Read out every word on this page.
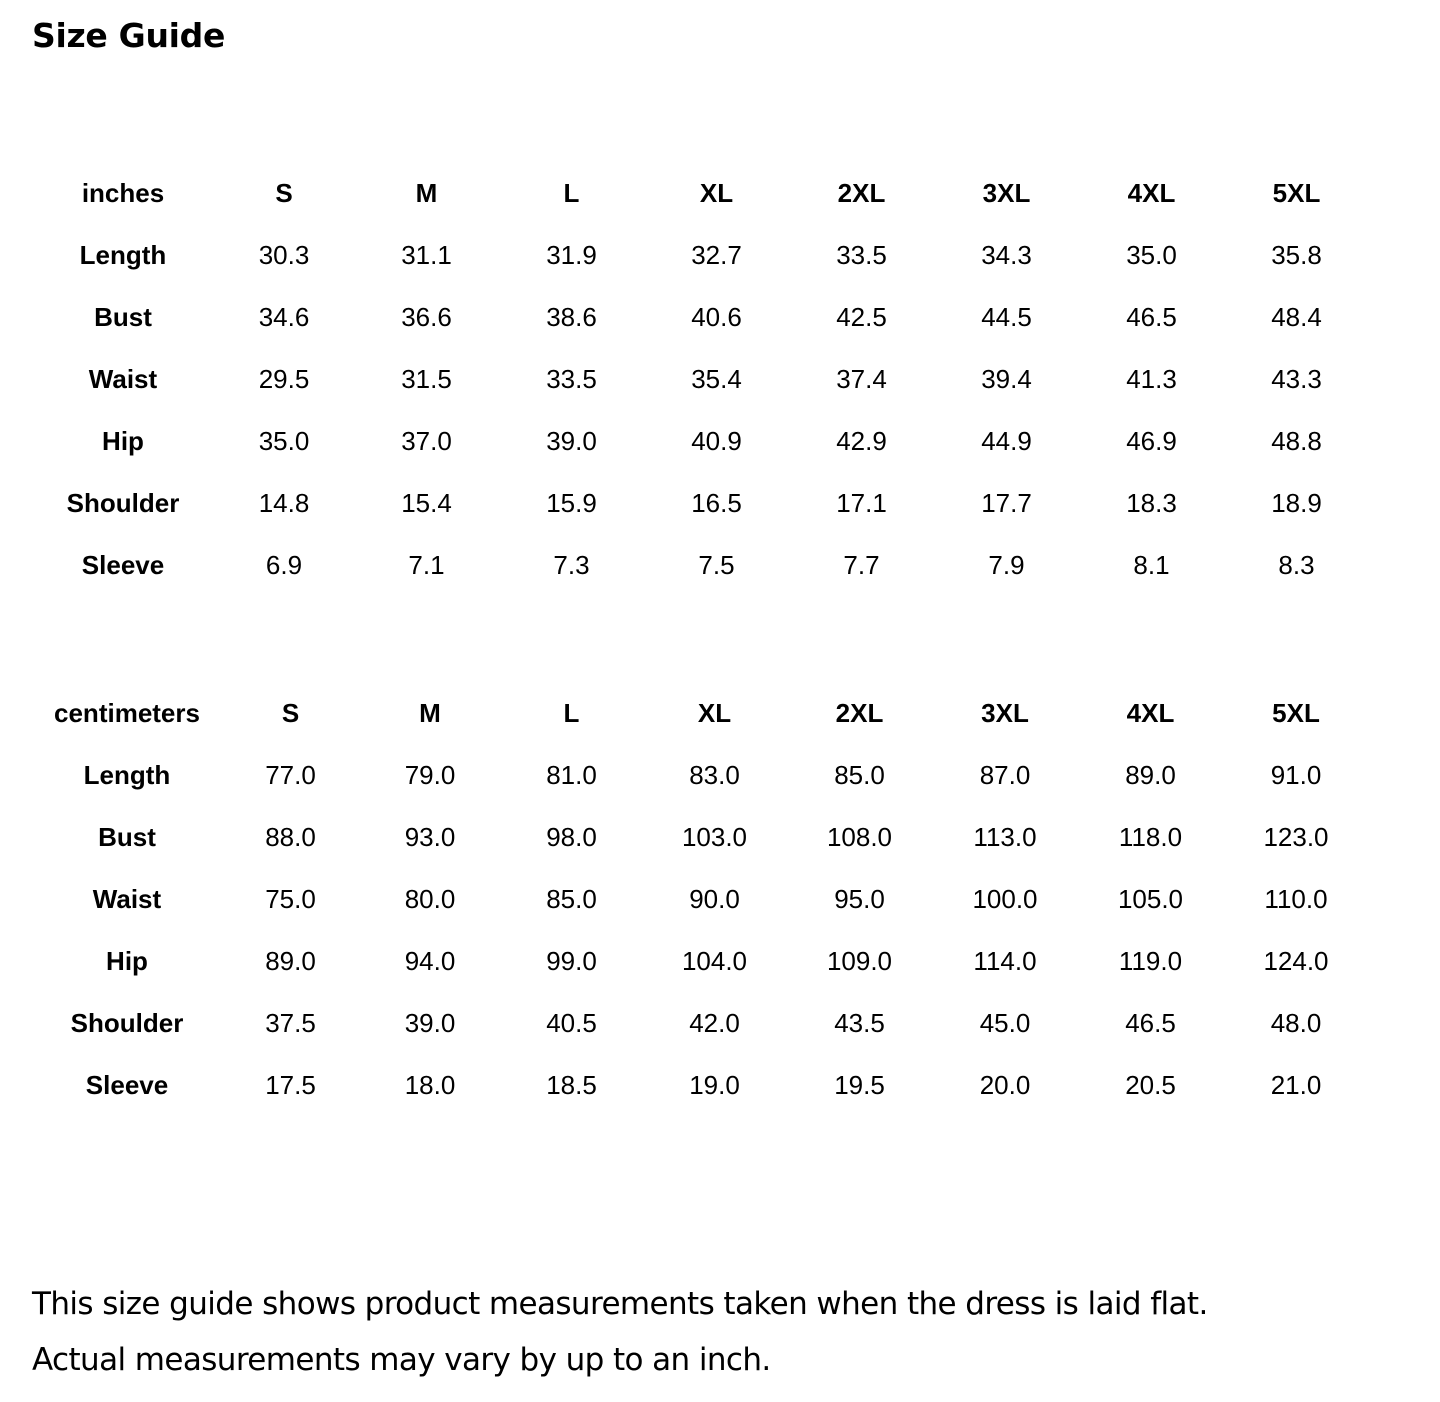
Size Guide
inches	S	M	L	XL	2XL	3XL	4XL	5XL
Length	30.3	31.1	31.9	32.7	33.5	34.3	35.0	35.8
Bust	34.6	36.6	38.6	40.6	42.5	44.5	46.5	48.4
Waist	29.5	31.5	33.5	35.4	37.4	39.4	41.3	43.3
Hip	35.0	37.0	39.0	40.9	42.9	44.9	46.9	48.8
Shoulder	14.8	15.4	15.9	16.5	17.1	17.7	18.3	18.9
Sleeve	6.9	7.1	7.3	7.5	7.7	7.9	8.1	8.3
centimeters	S	M	L	XL	2XL	3XL	4XL	5XL
Length	77.0	79.0	81.0	83.0	85.0	87.0	89.0	91.0
Bust	88.0	93.0	98.0	103.0	108.0	113.0	118.0	123.0
Waist	75.0	80.0	85.0	90.0	95.0	100.0	105.0	110.0
Hip	89.0	94.0	99.0	104.0	109.0	114.0	119.0	124.0
Shoulder	37.5	39.0	40.5	42.0	43.5	45.0	46.5	48.0
Sleeve	17.5	18.0	18.5	19.0	19.5	20.0	20.5	21.0

This size guide shows product measurements taken when the dress is laid flat.

Actual measurements may vary by up to an inch.
